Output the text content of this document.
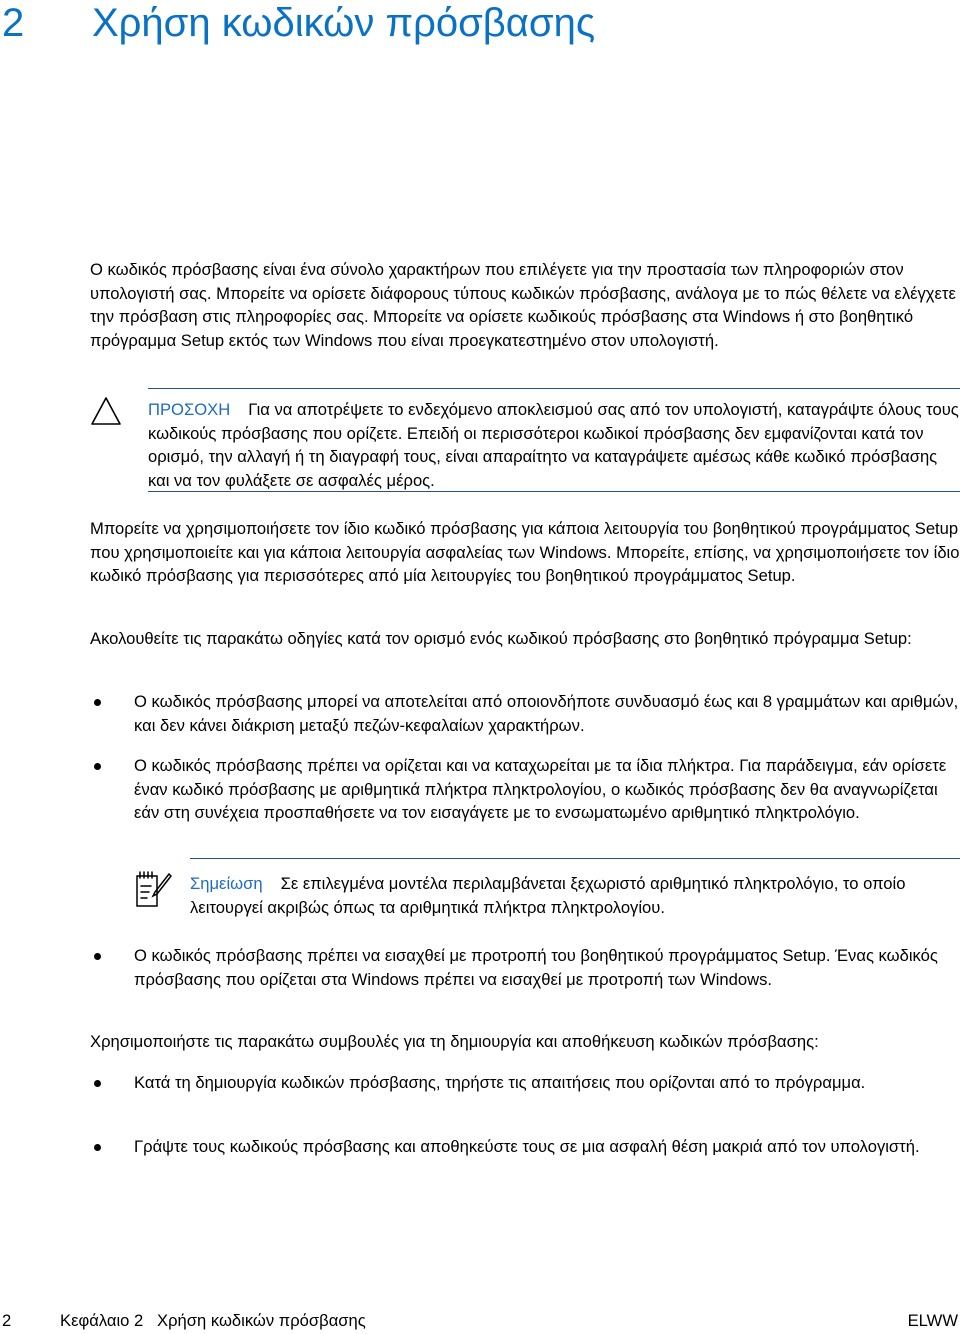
2 Χρήση κωδικών πρόσβασης

Ο κωδικός πρόσβασης είναι ένα σύνολο χαρακτήρων που επιλέγετε για την προστασία των πληροφοριών στον υπολογιστή σας. Μπορείτε να ορίσετε διάφορους τύπους κωδικών πρόσβασης, ανάλογα με το πώς θέλετε να ελέγχετε την πρόσβαση στις πληροφορίες σας. Μπορείτε να ορίσετε κωδικούς πρόσβασης στα Windows ή στο βοηθητικό πρόγραμμα Setup εκτός των Windows που είναι προεγκατεστημένο στον υπολογιστή.

ΠΡΟΣΟΧΗ Για να αποτρέψετε το ενδεχόμενο αποκλεισμού σας από τον υπολογιστή, καταγράψτε όλους τους κωδικούς πρόσβασης που ορίζετε. Επειδή οι περισσότεροι κωδικοί πρόσβασης δεν εμφανίζονται κατά τον ορισμό, την αλλαγή ή τη διαγραφή τους, είναι απαραίτητο να καταγράψετε αμέσως κάθε κωδικό πρόσβασης και να τον φυλάξετε σε ασφαλές μέρος.

Μπορείτε να χρησιμοποιήσετε τον ίδιο κωδικό πρόσβασης για κάποια λειτουργία του βοηθητικού προγράμματος Setup που χρησιμοποιείτε και για κάποια λειτουργία ασφαλείας των Windows. Μπορείτε, επίσης, να χρησιμοποιήσετε τον ίδιο κωδικό πρόσβασης για περισσότερες από μία λειτουργίες του βοηθητικού προγράμματος Setup.

Ακολουθείτε τις παρακάτω οδηγίες κατά τον ορισμό ενός κωδικού πρόσβασης στο βοηθητικό πρόγραμμα Setup:

Ο κωδικός πρόσβασης μπορεί να αποτελείται από οποιονδήποτε συνδυασμό έως και 8 γραμμάτων και αριθμών, και δεν κάνει διάκριση μεταξύ πεζών-κεφαλαίων χαρακτήρων.

Ο κωδικός πρόσβασης πρέπει να ορίζεται και να καταχωρείται με τα ίδια πλήκτρα. Για παράδειγμα, εάν ορίσετε έναν κωδικό πρόσβασης με αριθμητικά πλήκτρα πληκτρολογίου, ο κωδικός πρόσβασης δεν θα αναγνωρίζεται εάν στη συνέχεια προσπαθήσετε να τον εισαγάγετε με το ενσωματωμένο αριθμητικό πληκτρολόγιο.

Σημείωση Σε επιλεγμένα μοντέλα περιλαμβάνεται ξεχωριστό αριθμητικό πληκτρολόγιο, το οποίο λειτουργεί ακριβώς όπως τα αριθμητικά πλήκτρα πληκτρολογίου.

Ο κωδικός πρόσβασης πρέπει να εισαχθεί με προτροπή του βοηθητικού προγράμματος Setup. Ένας κωδικός πρόσβασης που ορίζεται στα Windows πρέπει να εισαχθεί με προτροπή των Windows.

Χρησιμοποιήστε τις παρακάτω συμβουλές για τη δημιουργία και αποθήκευση κωδικών πρόσβασης:

Κατά τη δημιουργία κωδικών πρόσβασης, τηρήστε τις απαιτήσεις που ορίζονται από το πρόγραμμα.

Γράψτε τους κωδικούς πρόσβασης και αποθηκεύστε τους σε μια ασφαλή θέση μακριά από τον υπολογιστή.

2	Κεφάλαιο 2   Χρήση κωδικών πρόσβασης	ELWW
